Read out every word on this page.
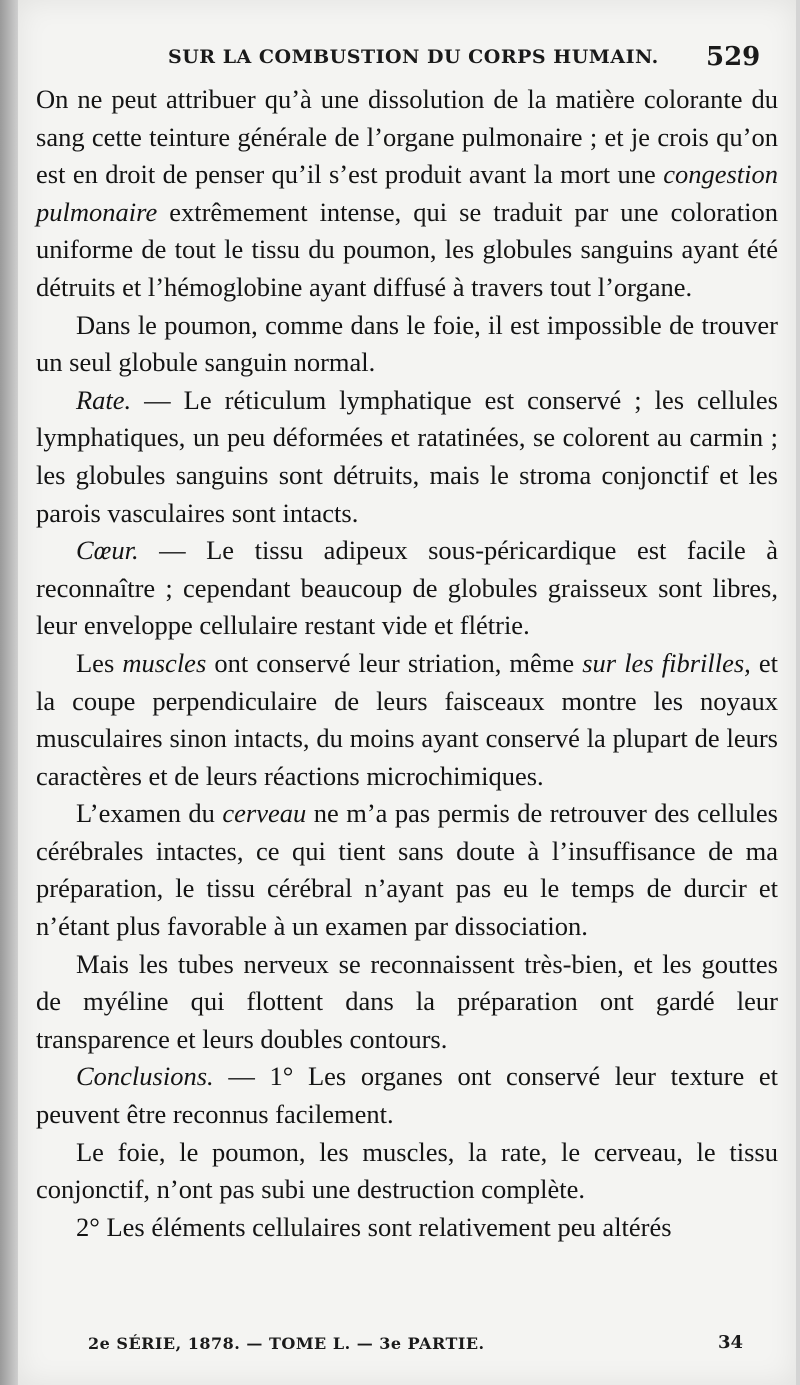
SUR LA COMBUSTION DU CORPS HUMAIN. 529

On ne peut attribuer qu’à une dissolution de la matière colorante du sang cette teinture générale de l’organe pulmonaire ; et je crois qu’on est en droit de penser qu’il s’est produit avant la mort une congestion pulmonaire extrêmement intense, qui se traduit par une coloration uniforme de tout le tissu du poumon, les globules sanguins ayant été détruits et l’hémoglobine ayant diffusé à travers tout l’organe.

Dans le poumon, comme dans le foie, il est impossible de trouver un seul globule sanguin normal.

Rate. — Le réticulum lymphatique est conservé ; les cellules lymphatiques, un peu déformées et ratatinées, se colorent au carmin ; les globules sanguins sont détruits, mais le stroma conjonctif et les parois vasculaires sont intacts.

Cœur. — Le tissu adipeux sous-péricardique est facile à reconnaître ; cependant beaucoup de globules graisseux sont libres, leur enveloppe cellulaire restant vide et flétrie.

Les muscles ont conservé leur striation, même sur les fibrilles, et la coupe perpendiculaire de leurs faisceaux montre les noyaux musculaires sinon intacts, du moins ayant conservé la plupart de leurs caractères et de leurs réactions microchimiques.

L’examen du cerveau ne m’a pas permis de retrouver des cellules cérébrales intactes, ce qui tient sans doute à l’insuffisance de ma préparation, le tissu cérébral n’ayant pas eu le temps de durcir et n’étant plus favorable à un examen par dissociation.

Mais les tubes nerveux se reconnaissent très-bien, et les gouttes de myéline qui flottent dans la préparation ont gardé leur transparence et leurs doubles contours.

Conclusions. — 1° Les organes ont conservé leur texture et peuvent être reconnus facilement.

Le foie, le poumon, les muscles, la rate, le cerveau, le tissu conjonctif, n’ont pas subi une destruction complète.

2° Les éléments cellulaires sont relativement peu altérés

2e SÉRIE, 1878. — TOME L. — 3e PARTIE.	34
